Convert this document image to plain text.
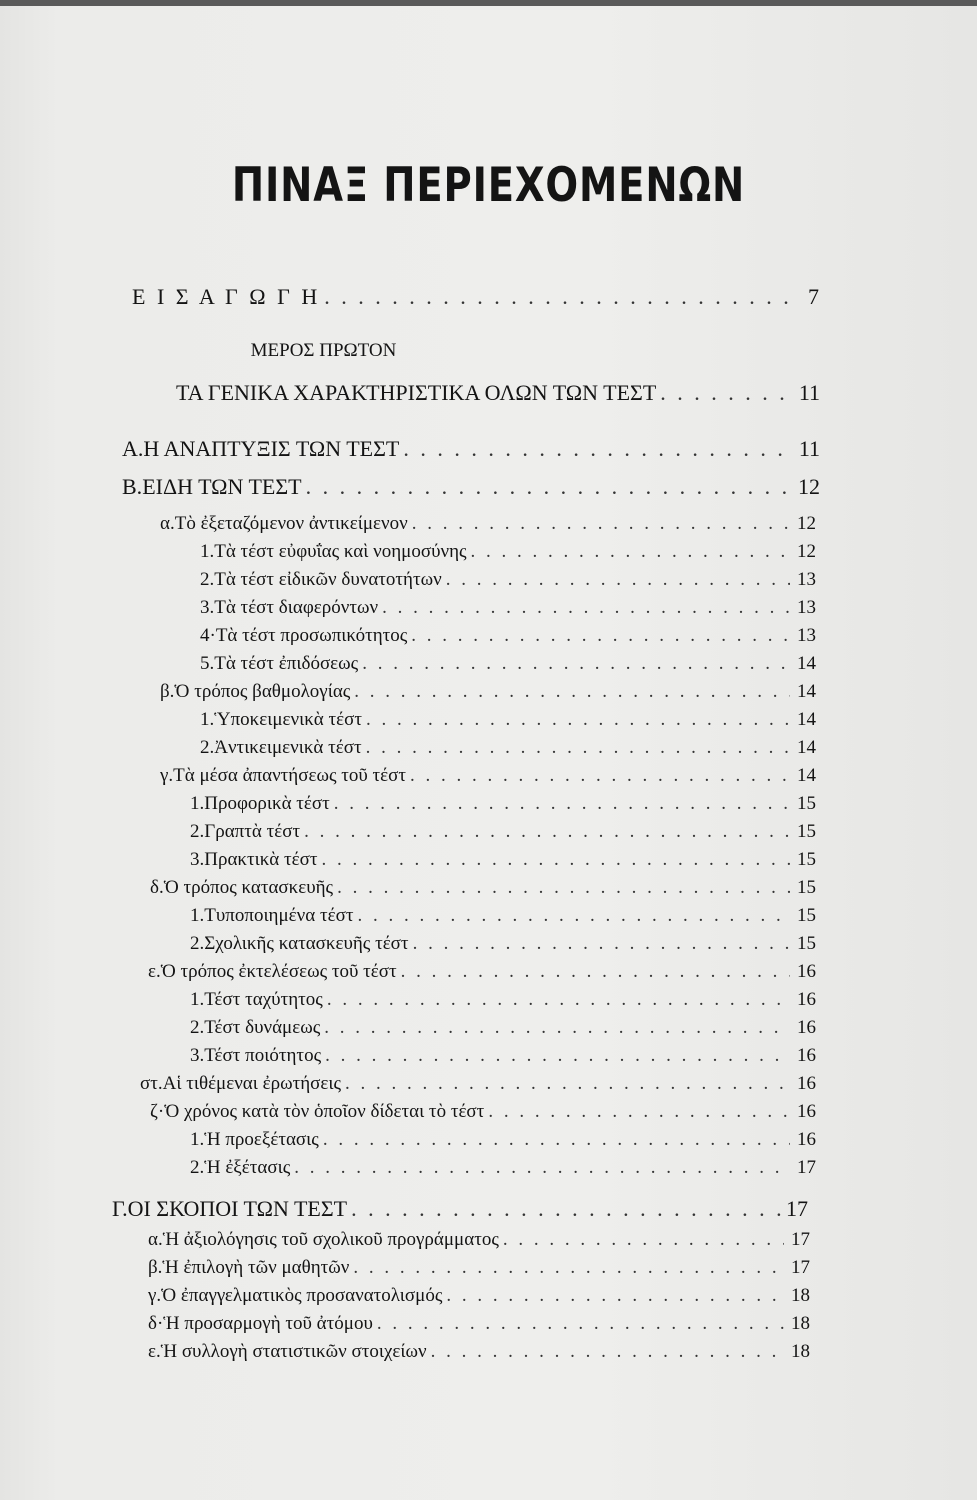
ΠΙΝΑΞ ΠΕΡΙΕΧΟΜΕΝΩΝ
Ε Ι Σ Α Γ Ω Γ Η . . .	7
ΜΕΡΟΣ ΠΡΩΤΟΝ
ΤΑ ΓΕΝΙΚΑ ΧΑΡΑΚΤΗΡΙΣΤΙΚΑ ΟΛΩΝ ΤΩΝ ΤΕΣΤ . . .	11
Α. Η ΑΝΑΠΤΥΞΙΣ ΤΩΝ ΤΕΣΤ . . .	11
Β. ΕΙΔΗ ΤΩΝ ΤΕΣΤ . . .	12
α. Τὸ ἐξεταζόμενον ἀντικείμενον . . .	12
1. Τὰ τέστ εὐφυΐας καὶ νοημοσύνης . . .	12
2. Τὰ τέστ εἰδικῶν δυνατοτήτων . . .	13
3. Τὰ τέστ διαφερόντων . . .	13
4· Τὰ τέστ προσωπικότητος . . .	13
5. Τὰ τέστ ἐπιδόσεως . . .	14
β. Ὁ τρόπος βαθμολογίας . . .	14
1. Ὑποκειμενικὰ τέστ . . .	14
2. Ἀντικειμενικὰ τέστ . . .	14
γ. Τὰ μέσα ἀπαντήσεως τοῦ τέστ . . .	14
1. Προφορικὰ τέστ . . .	15
2. Γραπτὰ τέστ . . .	15
3. Πρακτικὰ τέστ . . .	15
δ. Ὁ τρόπος κατασκευῆς . . .	15
1. Τυποποιημένα τέστ . . .	15
2. Σχολικῆς κατασκευῆς τέστ . . .	15
ε. Ὁ τρόπος ἐκτελέσεως τοῦ τέστ . . .	16
1. Τέστ ταχύτητος . . .	16
2. Τέστ δυνάμεως . . .	16
3. Τέστ ποιότητος . . .	16
στ. Αἱ τιθέμεναι ἐρωτήσεις . . .	16
ζ· Ὁ χρόνος κατὰ τὸν ὁποῖον δίδεται τὸ τέστ . . .	16
1. Ἡ προεξέτασις . . .	16
2. Ἡ ἐξέτασις . . .	17
Γ. ΟΙ ΣΚΟΠΟΙ ΤΩΝ ΤΕΣΤ . . .	17
α. Ἡ ἀξιολόγησις τοῦ σχολικοῦ προγράμματος . . .	17
β. Ἡ ἐπιλογὴ τῶν μαθητῶν . . .	17
γ. Ὁ ἐπαγγελματικὸς προσανατολισμός . . .	18
δ· Ἡ προσαρμογὴ τοῦ ἀτόμου . . .	18
ε. Ἡ συλλογὴ στατιστικῶν στοιχείων . . .	18
